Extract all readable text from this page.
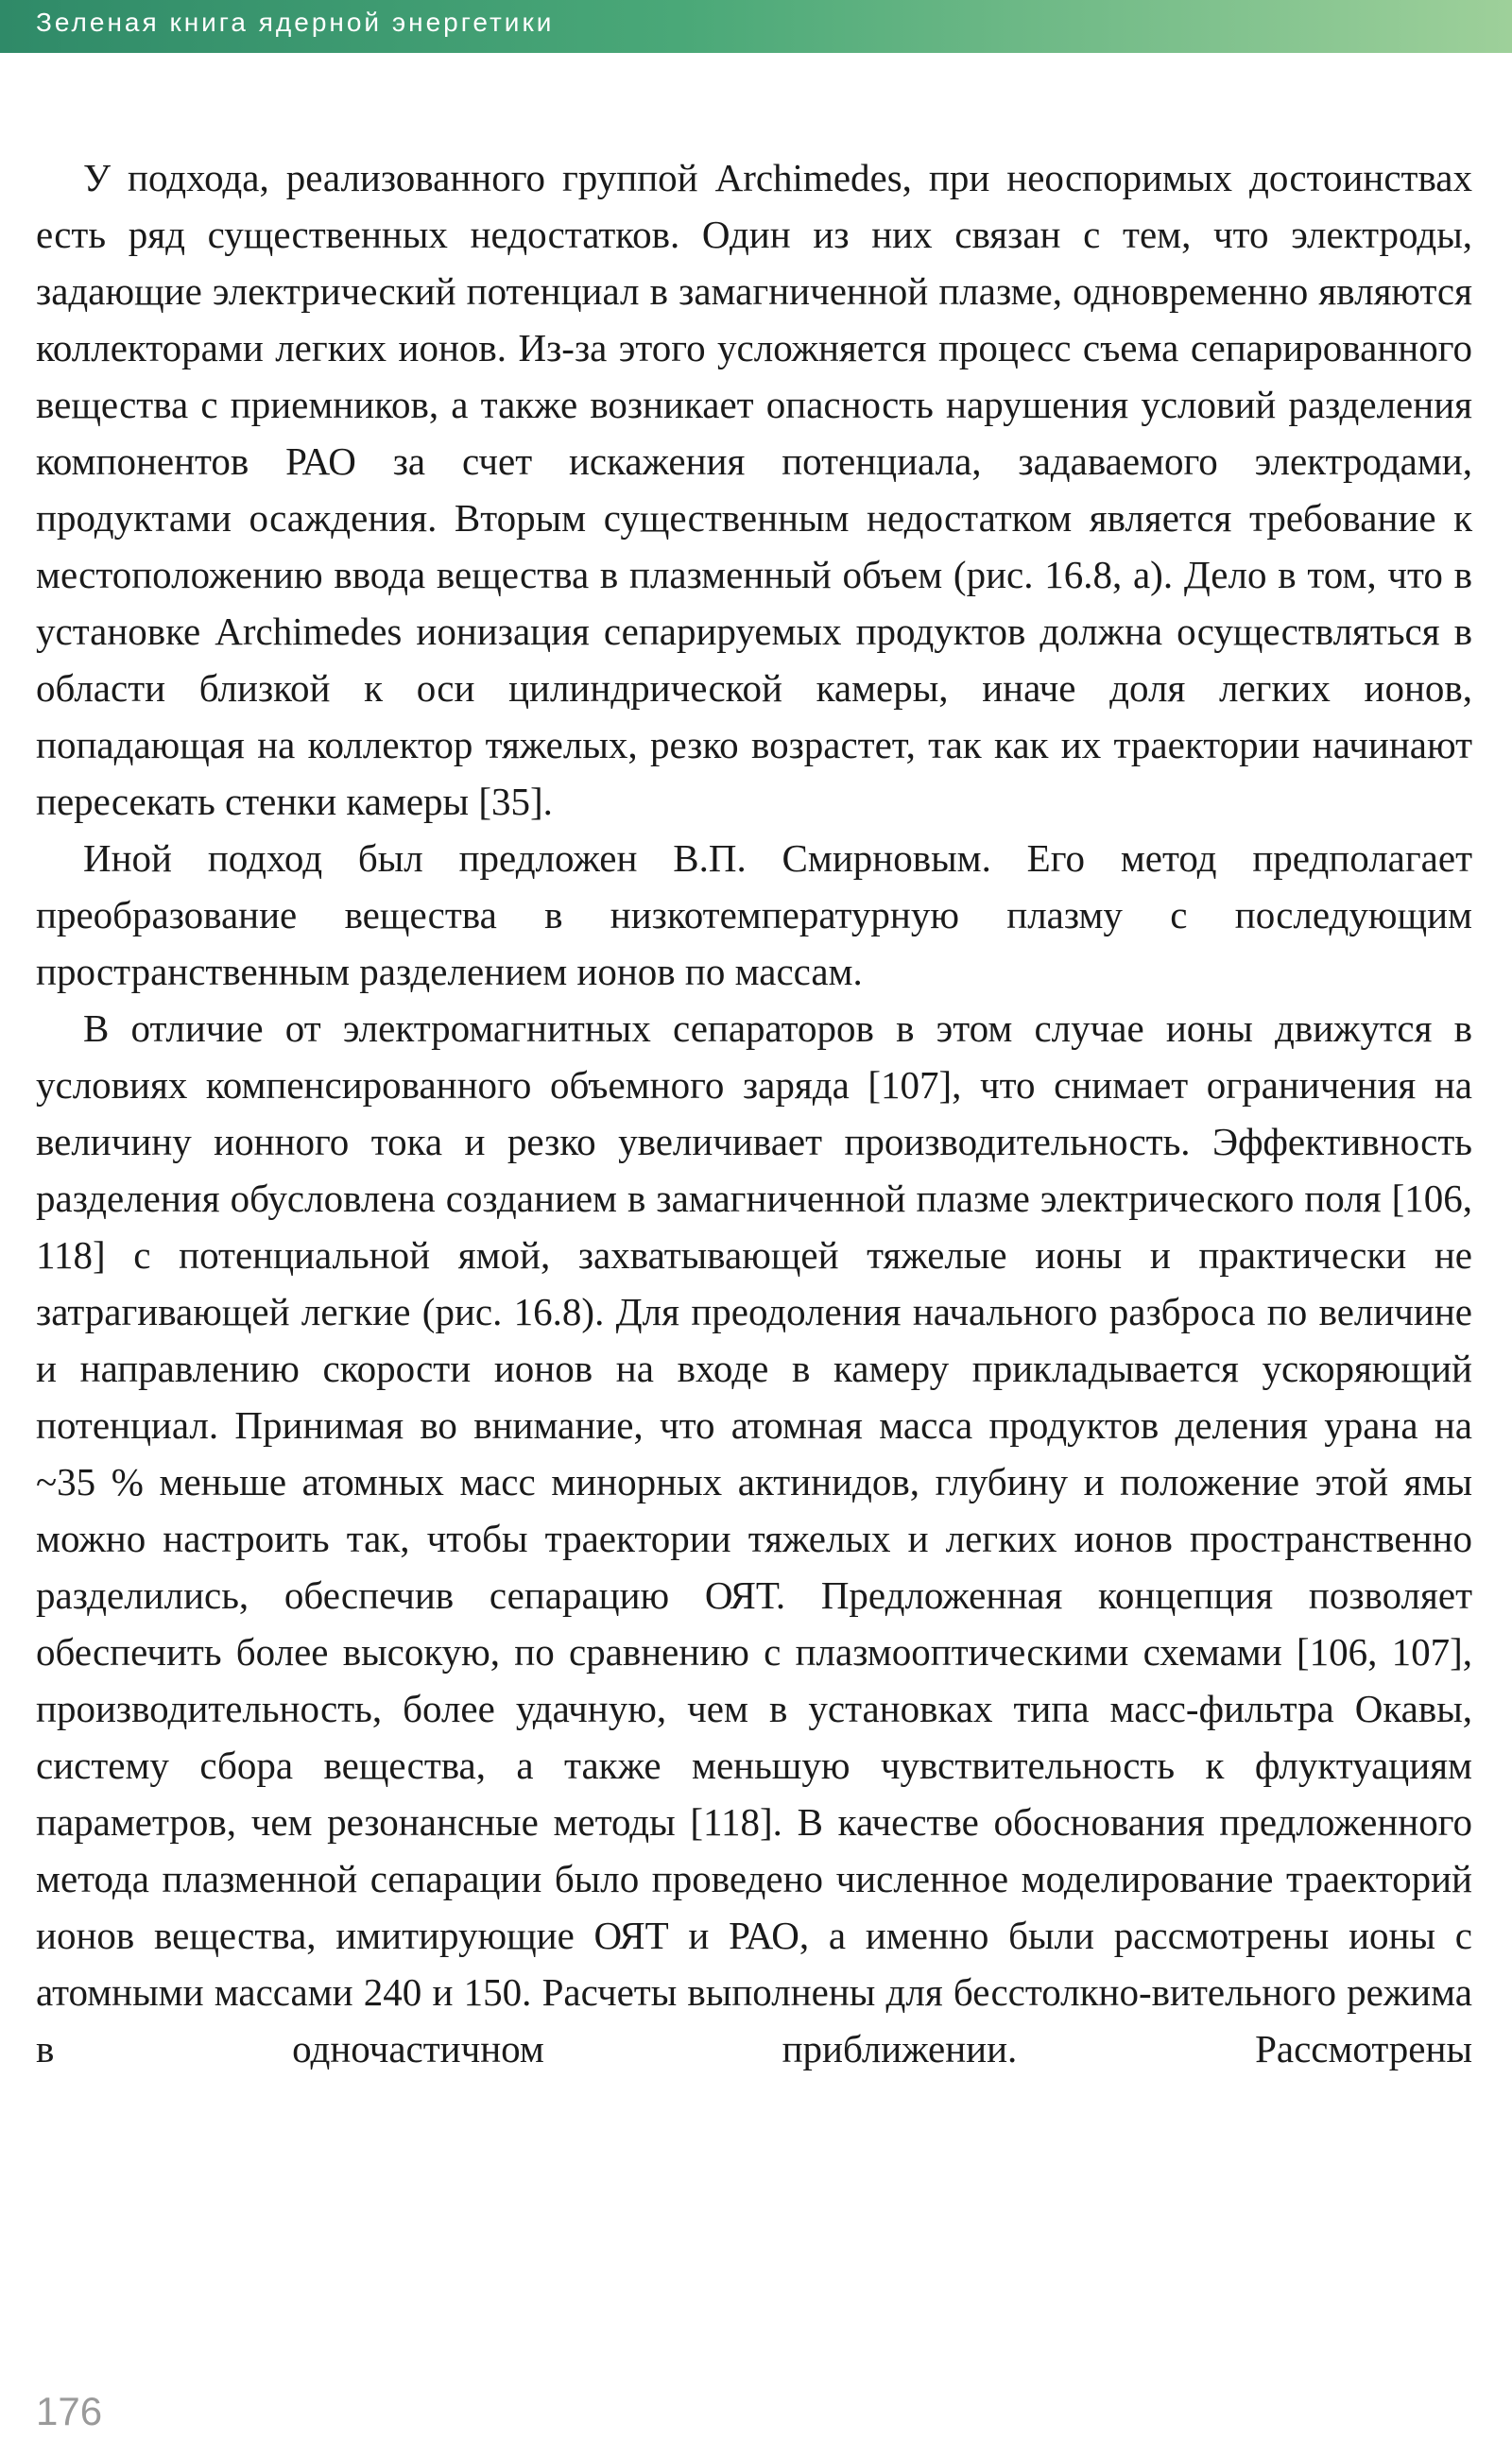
Зеленая книга ядерной энергетики

У подхода, реализованного группой Archimedes, при неоспоримых достоинствах есть ряд существенных недостатков. Один из них связан с тем, что электроды, задающие электрический потенциал в замагниченной плазме, одновременно являются коллекторами легких ионов. Из-за этого усложняется процесс съема сепарированного вещества с приемников, а также возникает опасность нарушения условий разделения компонентов РАО за счет искажения потенциала, задаваемого электродами, продуктами осаждения. Вторым существенным недостатком является требование к местоположению ввода вещества в плазменный объем (рис. 16.8, а). Дело в том, что в установке Archimedes ионизация сепарируемых продуктов должна осуществляться в области близкой к оси цилиндрической камеры, иначе доля легких ионов, попадающая на коллектор тяжелых, резко возрастет, так как их траектории начинают пересекать стенки камеры [35].

Иной подход был предложен В.П. Смирновым. Его метод предполагает преобразование вещества в низкотемпературную плазму с последующим пространственным разделением ионов по массам.

В отличие от электромагнитных сепараторов в этом случае ионы движутся в условиях компенсированного объемного заряда [107], что снимает ограничения на величину ионного тока и резко увеличивает производительность. Эффективность разделения обусловлена созданием в замагниченной плазме электрического поля [106, 118] с потенциальной ямой, захватывающей тяжелые ионы и практически не затрагивающей легкие (рис. 16.8). Для преодоления начального разброса по величине и направлению скорости ионов на входе в камеру прикладывается ускоряющий потенциал. Принимая во внимание, что атомная масса продуктов деления урана на ~35 % меньше атомных масс минорных актинидов, глубину и положение этой ямы можно настроить так, чтобы траектории тяжелых и легких ионов пространственно разделились, обеспечив сепарацию ОЯТ. Предложенная концепция позволяет обеспечить более высокую, по сравнению с плазмооптическими схемами [106, 107], производительность, более удачную, чем в установках типа масс-фильтра Окавы, систему сбора вещества, а также меньшую чувствительность к флуктуациям параметров, чем резонансные методы [118]. В качестве обоснования предложенного метода плазменной сепарации было проведено численное моделирование траекторий ионов вещества, имитирующие ОЯТ и РАО, а именно были рассмотрены ионы с атомными массами 240 и 150. Расчеты выполнены для бесстолкно-вительного режима в одночастичном приближении. Рассмотрены

176
